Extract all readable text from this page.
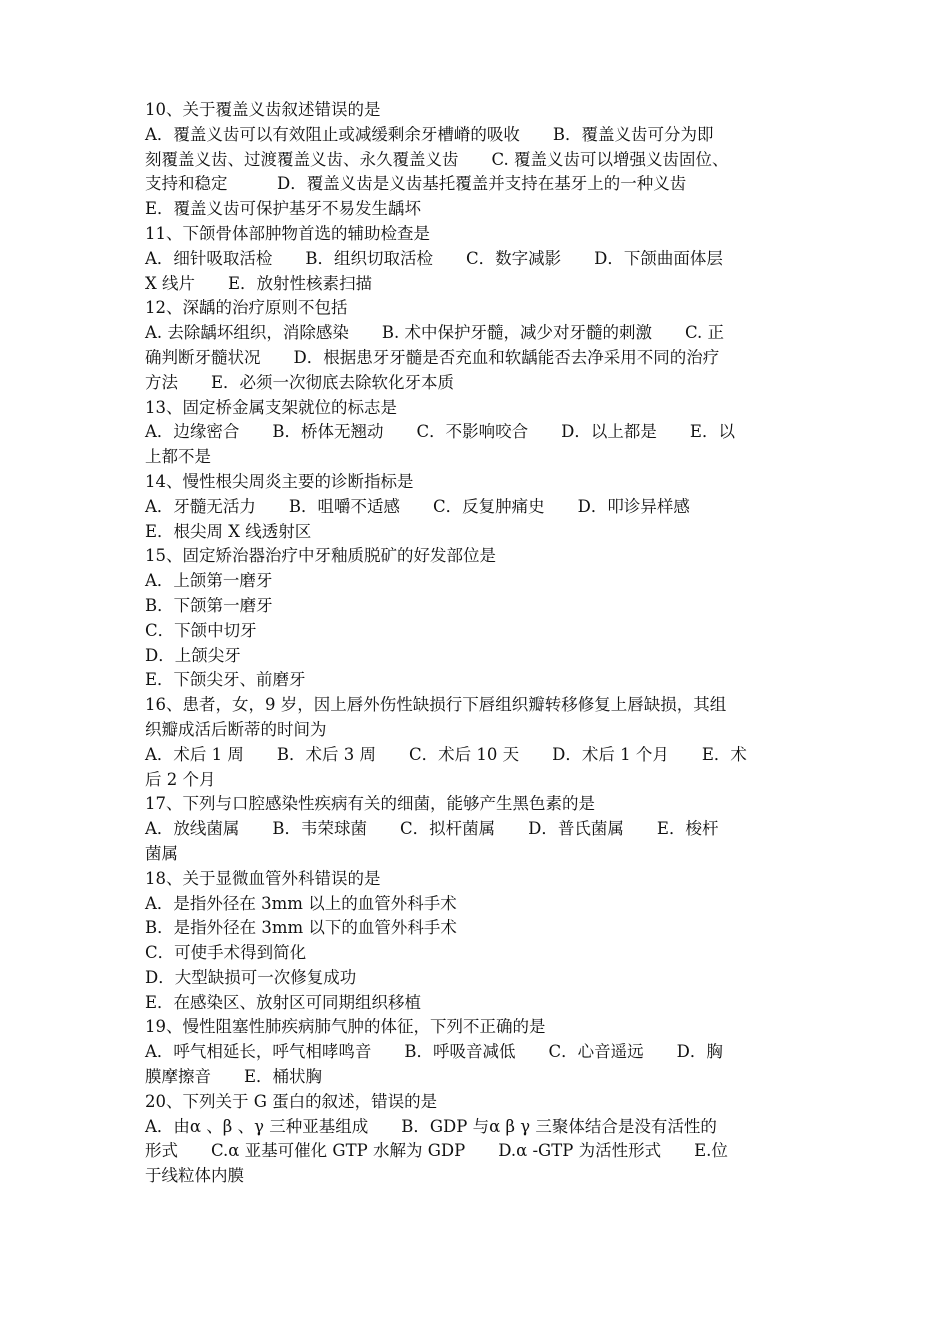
10、关于覆盖义齿叙述错误的是
A．覆盖义齿可以有效阻止或减缓剩余牙槽嵴的吸收　　B．覆盖义齿可分为即
刻覆盖义齿、过渡覆盖义齿、永久覆盖义齿　　C. 覆盖义齿可以增强义齿固位、
支持和稳定　　　D．覆盖义齿是义齿基托覆盖并支持在基牙上的一种义齿
E．覆盖义齿可保护基牙不易发生龋坏
11、下颌骨体部肿物首选的辅助检查是
A．细针吸取活检　　B．组织切取活检　　C．数字减影　　D．下颌曲面体层
X 线片　　E．放射性核素扫描
12、深龋的治疗原则不包括
A. 去除龋坏组织，消除感染　　B. 术中保护牙髓，减少对牙髓的刺激　　C. 正
确判断牙髓状况　　D．根据患牙牙髓是否充血和软龋能否去净采用不同的治疗
方法　　E．必须一次彻底去除软化牙本质
13、固定桥金属支架就位的标志是
A．边缘密合　　B．桥体无翘动　　C．不影响咬合　　D．以上都是　　E．以
上都不是
14、慢性根尖周炎主要的诊断指标是
A．牙髓无活力　　B．咀嚼不适感　　C．反复肿痛史　　D．叩诊异样感
E．根尖周 X 线透射区
15、固定矫治器治疗中牙釉质脱矿的好发部位是
A．上颌第一磨牙
B．下颌第一磨牙
C．下颌中切牙
D．上颌尖牙
E．下颌尖牙、前磨牙
16、患者，女，9 岁，因上唇外伤性缺损行下唇组织瓣转移修复上唇缺损，其组
织瓣成活后断蒂的时间为
A．术后 1 周　　B．术后 3 周　　C．术后 10 天　　D．术后 1 个月　　E．术
后 2 个月
17、下列与口腔感染性疾病有关的细菌，能够产生黑色素的是
A．放线菌属　　B．韦荣球菌　　C．拟杆菌属　　D．普氏菌属　　E．梭杆
菌属
18、关于显微血管外科错误的是
A．是指外径在 3mm 以上的血管外科手术
B．是指外径在 3mm 以下的血管外科手术
C．可使手术得到简化
D．大型缺损可一次修复成功
E．在感染区、放射区可同期组织移植
19、慢性阻塞性肺疾病肺气肿的体征，下列不正确的是
A．呼气相延长，呼气相哮鸣音　　B．呼吸音减低　　C．心音遥远　　D．胸
膜摩擦音　　E．桶状胸
20、下列关于 G 蛋白的叙述，错误的是
A．由α 、β 、γ 三种亚基组成　　B．GDP 与α β γ 三聚体结合是没有活性的
形式　　C.α 亚基可催化 GTP 水解为 GDP　　D.α -GTP 为活性形式　　E.位
于线粒体内膜
